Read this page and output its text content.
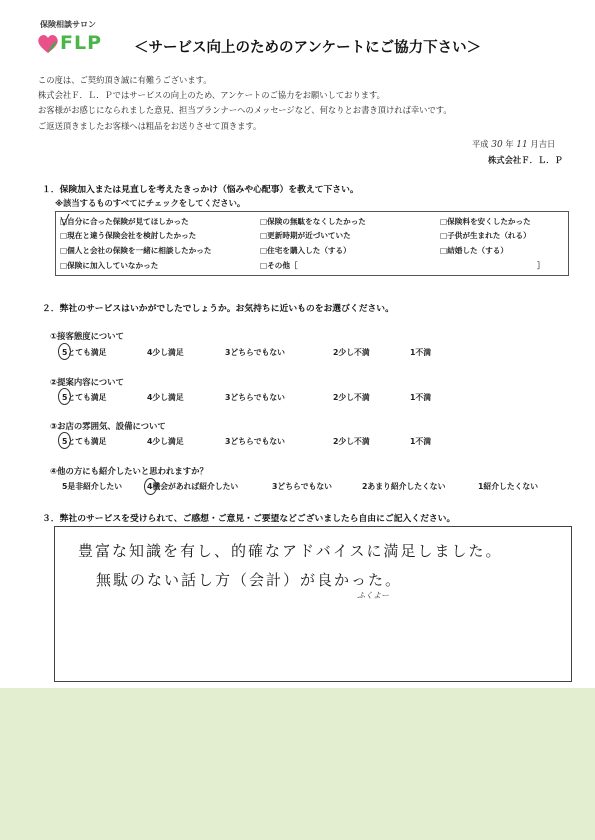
保険相談サロン
FLP ＜サービス向上のためのアンケートにご協力下さい＞
この度は、ご契約頂き誠に有難うございます。
株式会社Ｆ．Ｌ．Ｐではサービスの向上のため、アンケートのご協力をお願いしております。
お客様がお感じになられました意見、担当プランナーへのメッセージなど、何なりとお書き頂ければ幸いです。
ご返送頂きましたお客様へは粗品をお送りさせて頂きます。
平成 30 年 11 月吉日
株式会社Ｆ．Ｌ．Ｐ
１．保険加入または見直しを考えたきっかけ（悩みや心配事）を教えて下さい。
※該当するものすべてにチェックをしてください。
□自分に合った保険が見てほしかった	□保険の無駄をなくしたかった	□保険料を安くしたかった
□現在と違う保険会社を検討したかった	□更新時期が近づいていた	□子供が生まれた（れる）
□個人と会社の保険を一緒に相談したかった	□住宅を購入した（する）	□結婚した（する）
□保険に加入していなかった	□その他［	］
２．弊社のサービスはいかがでしたでしょうか。お気持ちに近いものをお選びください。
①接客態度について
5とても満足	4少し満足	3どちらでもない	2少し不満	1不満
②提案内容について
5とても満足	4少し満足	3どちらでもない	2少し不満	1不満
③お店の雰囲気、設備について
5とても満足	4少し満足	3どちらでもない	2少し不満	1不満
④他の方にも紹介したいと思われますか？
5是非紹介したい	4機会があれば紹介したい	3どちらでもない	2あまり紹介したくない	1紹介したくない
３．弊社のサービスを受けられて、ご感想・ご意見・ご要望などございましたら自由にご記入ください。
豊富な知識を有し、的確なアドバイスに満足しました。
無駄のない話し方（会計）が良かった。
ふくよー
